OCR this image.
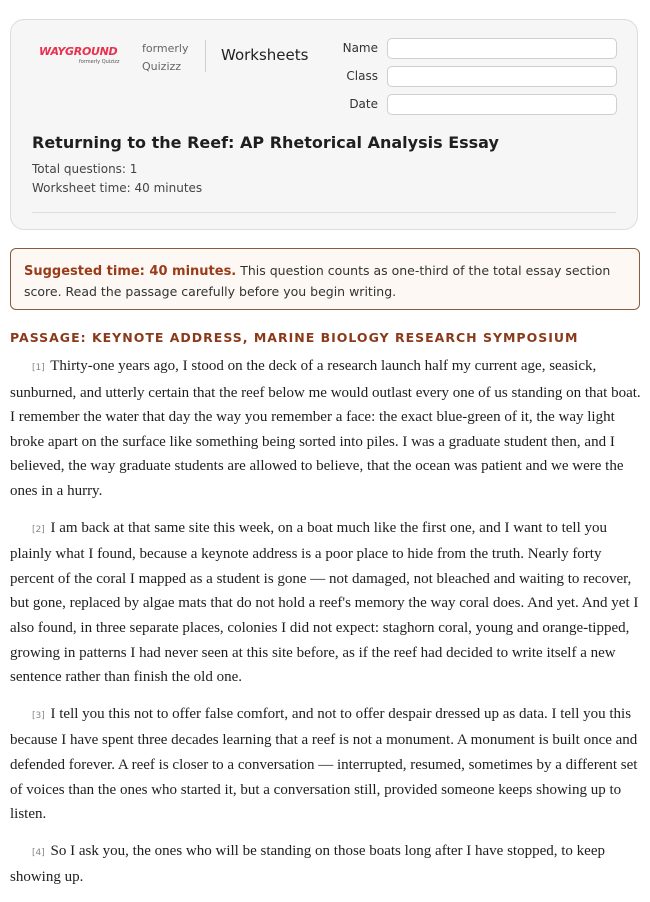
WAYGROUND
formerly Quizizz
formerly Quizizz
Worksheets	Name
Class
Date
Returning to the Reef: AP Rhetorical Analysis Essay
Total questions: 1
Worksheet time: 40 minutes
Suggested time: 40 minutes. This question counts as one-third of the total essay section score. Read the passage carefully before you begin writing.
PASSAGE: KEYNOTE ADDRESS, MARINE BIOLOGY RESEARCH SYMPOSIUM

[1] Thirty-one years ago, I stood on the deck of a research launch half my current age, seasick, sunburned, and utterly certain that the reef below me would outlast every one of us standing on that boat. I remember the water that day the way you remember a face: the exact blue-green of it, the way light broke apart on the surface like something being sorted into piles. I was a graduate student then, and I believed, the way graduate students are allowed to believe, that the ocean was patient and we were the ones in a hurry.

[2] I am back at that same site this week, on a boat much like the first one, and I want to tell you plainly what I found, because a keynote address is a poor place to hide from the truth. Nearly forty percent of the coral I mapped as a student is gone — not damaged, not bleached and waiting to recover, but gone, replaced by algae mats that do not hold a reef's memory the way coral does. And yet. And yet I also found, in three separate places, colonies I did not expect: staghorn coral, young and orange-tipped, growing in patterns I had never seen at this site before, as if the reef had decided to write itself a new sentence rather than finish the old one.

[3] I tell you this not to offer false comfort, and not to offer despair dressed up as data. I tell you this because I have spent three decades learning that a reef is not a monument. A monument is built once and defended forever. A reef is closer to a conversation — interrupted, resumed, sometimes by a different set of voices than the ones who started it, but a conversation still, provided someone keeps showing up to listen.

[4] So I ask you, the ones who will be standing on those boats long after I have stopped, to keep showing up.
